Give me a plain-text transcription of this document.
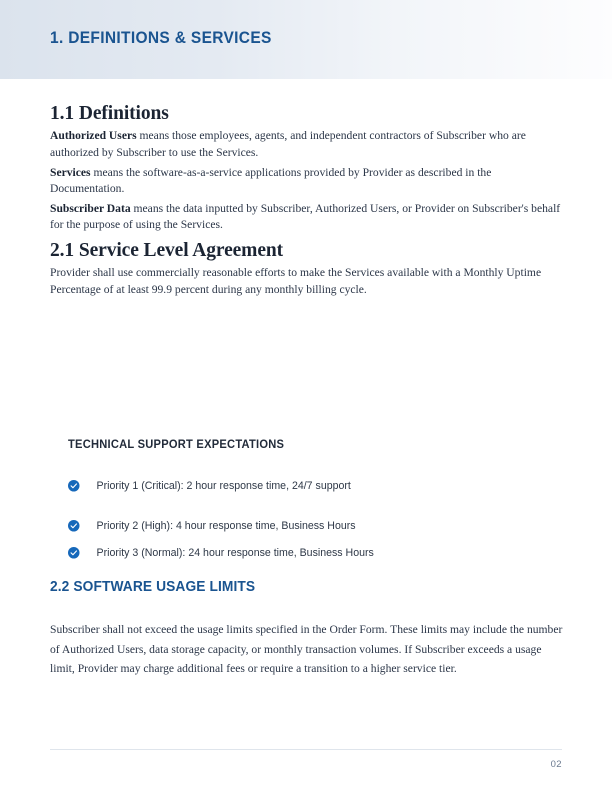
1. DEFINITIONS & SERVICES
1.1 Definitions

Authorized Users means those employees, agents, and independent contractors of Subscriber who are authorized by Subscriber to use the Services.

Services means the software-as-a-service applications provided by Provider as described in the Documentation.

Subscriber Data means the data inputted by Subscriber, Authorized Users, or Provider on Subscriber's behalf for the purpose of using the Services.

2.1 Service Level Agreement

Provider shall use commercially reasonable efforts to make the Services available with a Monthly Uptime Percentage of at least 99.9 percent during any monthly billing cycle.

TECHNICAL SUPPORT EXPECTATIONS
Priority 1 (Critical): 2 hour response time, 24/7 support
Priority 2 (High): 4 hour response time, Business Hours
Priority 3 (Normal): 24 hour response time, Business Hours
2.2 SOFTWARE USAGE LIMITS

Subscriber shall not exceed the usage limits specified in the Order Form. These limits may include the number of Authorized Users, data storage capacity, or monthly transaction volumes. If Subscriber exceeds a usage limit, Provider may charge additional fees or require a transition to a higher service tier.

02
